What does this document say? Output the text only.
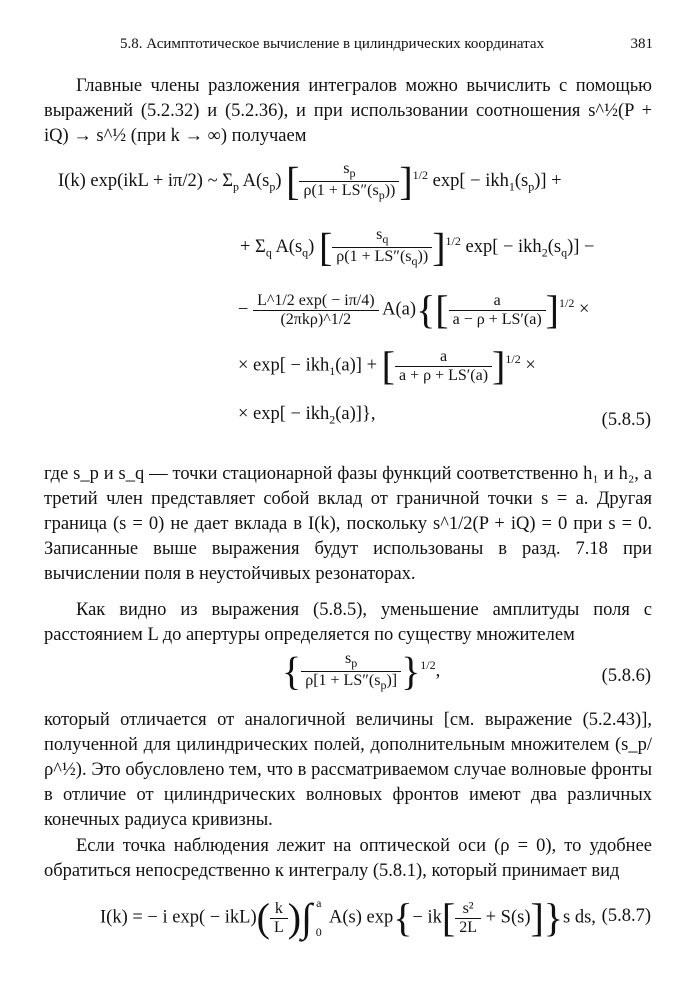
5.8. Асимптотическое вычисление в цилиндрических координатах	381

Главные члены разложения интегралов можно вычислить с помощью выражений (5.2.32) и (5.2.36), и при использовании соотношения s^½(P + iQ) → s^½ (при k → ∞) получаем

I(k) exp(ikL + iπ/2) ~ $\Sigma_p$ $A(s_p)$ [ $\frac{s_p}{\rho(1 + LS''(s_p))} ]^{1/2}$ $\exp[ - ikh_1(s_p)]$ +
+ $\Sigma_q$ $A(s_q)$ [ $\frac{s_q}{\rho(1 + LS''(s_q))} ]^{1/2}$ $\exp[ - ikh_2(s_q)]$ −
− $\frac{L\^{}1/2 \exp( - i\pi/4)}{\text{(2πkρ)\textasciicircum{}1/2}} A(a)\{[ \frac{a}{a - \rho + LS'(a)} ]^{1/2}$ ×
× exp[ − ikh$_1$(a)] + [ $\frac{a}{a + \rho + LS'(a)} ]^{1/2}$ ×
× exp[ − ikh$_2$(a)]},	(5.8.5)

где s_p и s_q — точки стационарной фазы функций соответственно h₁ и h₂, а третий член представляет собой вклад от граничной точки s = a. Другая граница (s = 0) не дает вклада в I(k), поскольку s^1/2(P + iQ) = 0 при s = 0. Записанные выше выражения будут использованы в разд. 7.18 при вычислении поля в неустойчивых резонаторах.

Как видно из выражения (5.8.5), уменьшение амплитуды поля с расстоянием L до апертуры определяется по существу множителем

{ $\frac{s_p}{\rho[1 + LS''(s_p)]} \}^{1/2}$,	(5.8.6)

который отличается от аналогичной величины [см. выражение (5.2.43)], полученной для цилиндрических полей, дополнительным множителем (s_p/ρ^½). Это обусловлено тем, что в рассматриваемом случае волновые фронты в отличие от цилиндрических волновых фронтов имеют два различных конечных радиуса кривизны.

Если точка наблюдения лежит на оптической оси (ρ = 0), то удобнее обратиться непосредственно к интегралу (5.8.1), который принимает вид

I(k) = − i $\exp( - ikL)( \frac{k}{L}$ )∫ a
0
A(s) $\exp\{- ik[ \frac{\text{s²}}{2L} + S(s)]\}s$ ds, (5.8.7)
